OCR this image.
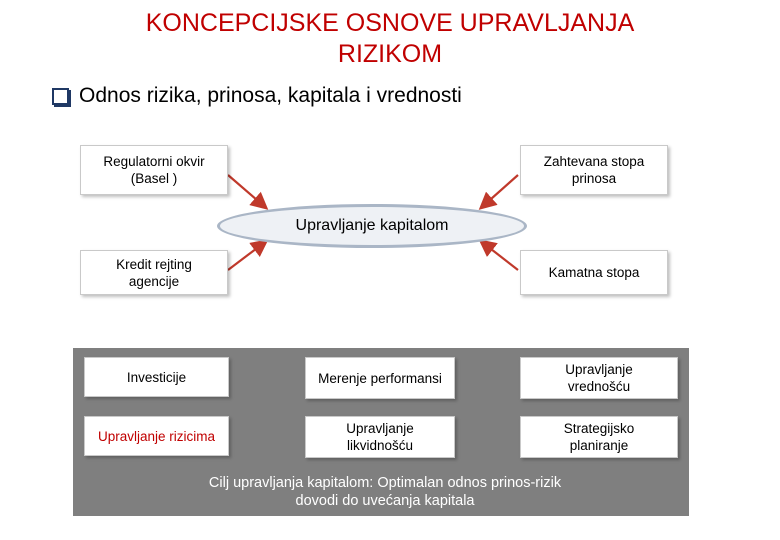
KONCEPCIJSKE OSNOVE UPRAVLJANJA
RIZIKOM
Odnos rizika, prinosa, kapitala i vrednosti
Regulatorni okvir
(Basel )
Zahtevana stopa
prinosa
Upravljanje kapitalom
Kredit rejting
agencije
Kamatna stopa
Investicije	Merenje performansi
Upravljanje
vrednošću
Upravljanje rizicima	Upravljanje
likvidnošću
Strategijsko
planiranje
Cilj upravljanja kapitalom: Optimalan odnos prinos-rizik
dovodi do uvećanja kapitala
